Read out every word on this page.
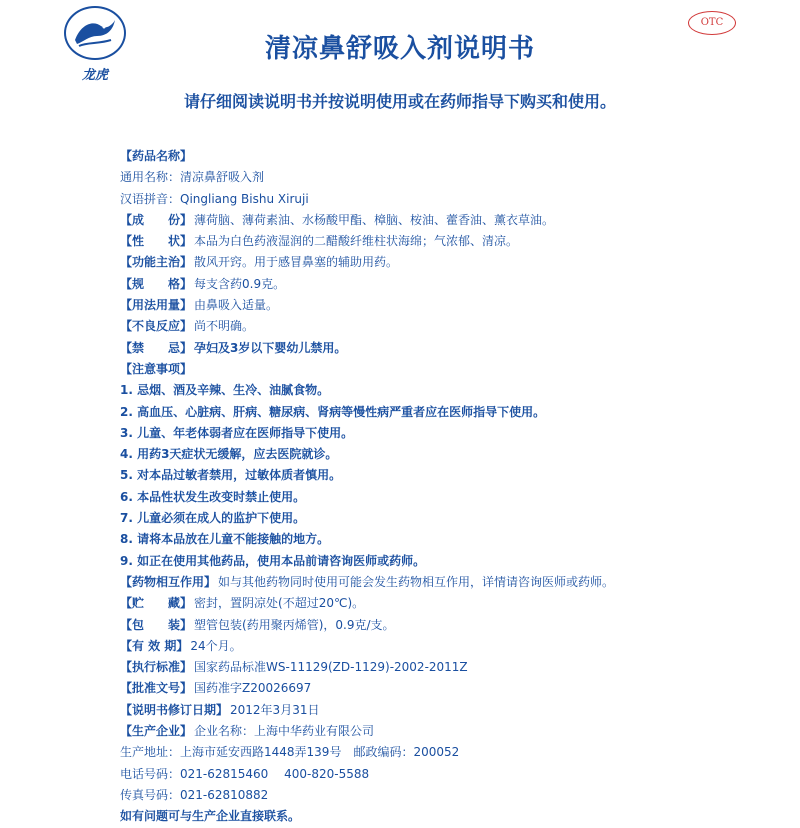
龙虎
OTC
清凉鼻舒吸入剂说明书
请仔细阅读说明书并按说明使用或在药师指导下购买和使用。
【药品名称】
通用名称：清凉鼻舒吸入剂
汉语拼音：Qingliang Bishu Xiruji
【成　　份】 薄荷脑、薄荷素油、水杨酸甲酯、樟脑、桉油、藿香油、薰衣草油。
【性　　状】 本品为白色药液湿润的二醋酸纤维柱状海绵；气浓郁、清凉。
【功能主治】 散风开窍。用于感冒鼻塞的辅助用药。
【规　　格】 每支含药0.9克。
【用法用量】 由鼻吸入适量。
【不良反应】 尚不明确。
【禁　　忌】 孕妇及3岁以下婴幼儿禁用。
【注意事项】
1. 忌烟、酒及辛辣、生冷、油腻食物。
2. 高血压、心脏病、肝病、糖尿病、肾病等慢性病严重者应在医师指导下使用。
3. 儿童、年老体弱者应在医师指导下使用。
4. 用药3天症状无缓解，应去医院就诊。
5. 对本品过敏者禁用，过敏体质者慎用。
6. 本品性状发生改变时禁止使用。
7. 儿童必须在成人的监护下使用。
8. 请将本品放在儿童不能接触的地方。
9. 如正在使用其他药品，使用本品前请咨询医师或药师。
【药物相互作用】 如与其他药物同时使用可能会发生药物相互作用，详情请咨询医师或药师。
【贮　　藏】 密封，置阴凉处(不超过20℃)。
【包　　装】 塑管包装(药用聚丙烯管)，0.9克/支。
【有 效 期】 24个月。
【执行标准】 国家药品标准WS-11129(ZD-1129)-2002-2011Z
【批准文号】 国药准字Z20026697
【说明书修订日期】 2012年3月31日
【生产企业】 企业名称：上海中华药业有限公司
生产地址：上海市延安西路1448弄139号　邮政编码：200052
电话号码：021-62815460　 400-820-5588
传真号码：021-62810882
如有问题可与生产企业直接联系。
